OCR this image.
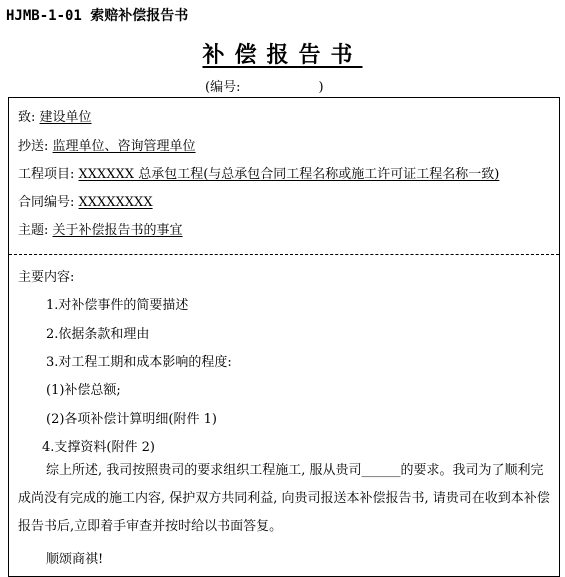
HJMB-1-01 索赔补偿报告书
补偿报告书
(编号:	)
致: 建设单位
抄送: 监理单位、咨询管理单位
工程项目: XXXXXX 总承包工程(与总承包合同工程名称或施工许可证工程名称一致)
合同编号: XXXXXXXX
主题: 关于补偿报告书的事宜
主要内容:
1.对补偿事件的简要描述
2.依据条款和理由
3.对工程工期和成本影响的程度:
(1)补偿总额;
(2)各项补偿计算明细(附件 1)
4.支撑资料(附件 2)
综上所述, 我司按照贵司的要求组织工程施工, 服从贵司______的要求。我司为了顺利完成尚没有完成的施工内容, 保护双方共同利益, 向贵司报送本补偿报告书, 请贵司在收到本补偿报告书后,立即着手审查并按时给以书面答复。
顺颂商祺!
